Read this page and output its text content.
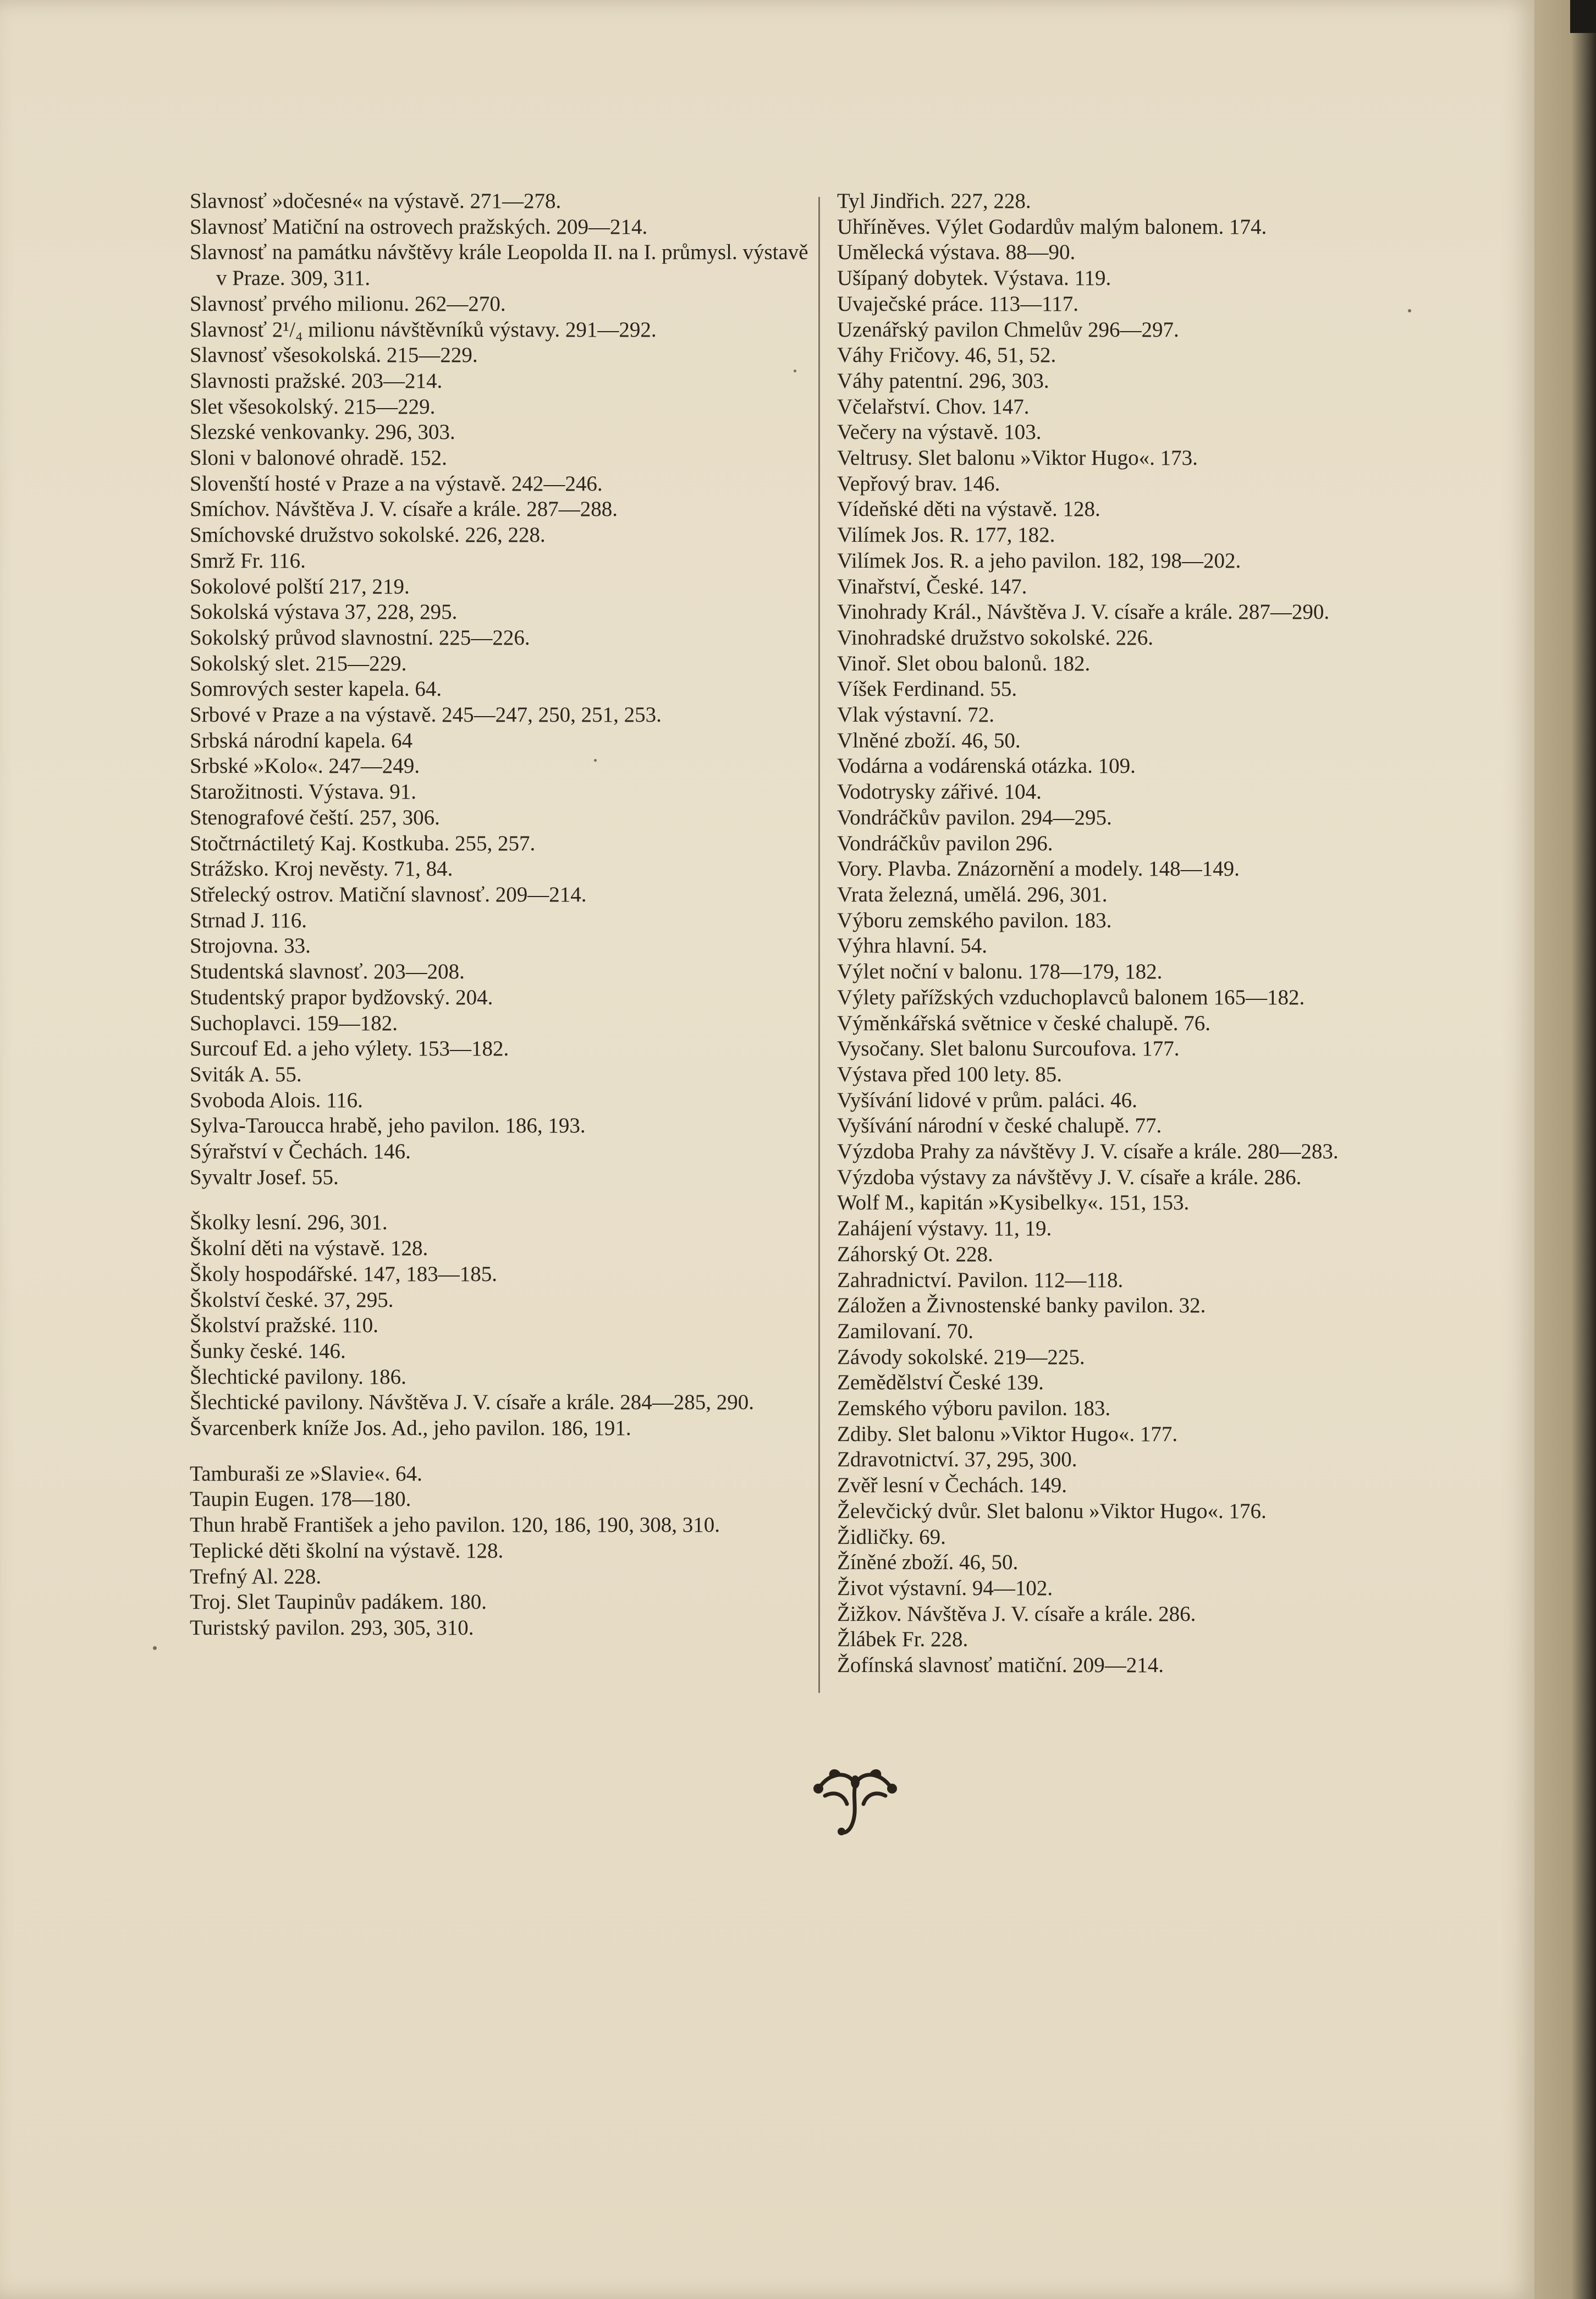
Slavnosť »dočesné« na výstavě. 271—278.
Slavnosť Matiční na ostrovech pražských. 209—214.
Slavnosť na památku návštěvy krále Leopolda II. na I. průmysl. výstavě v Praze. 309, 311.
Slavnosť prvého milionu. 262—270.
Slavnosť 2¹/₄ milionu návštěvníků výstavy. 291—292.
Slavnosť všesokolská. 215—229.
Slavnosti pražské. 203—214.
Slet všesokolský. 215—229.
Slezské venkovanky. 296, 303.
Sloni v balonové ohradě. 152.
Slovenští hosté v Praze a na výstavě. 242—246.
Smíchov. Návštěva J. V. císaře a krále. 287—288.
Smíchovské družstvo sokolské. 226, 228.
Smrž Fr. 116.
Sokolové polští 217, 219.
Sokolská výstava 37, 228, 295.
Sokolský průvod slavnostní. 225—226.
Sokolský slet. 215—229.
Somrových sester kapela. 64.
Srbové v Praze a na výstavě. 245—247, 250, 251, 253.
Srbská národní kapela. 64
Srbské »Kolo«. 247—249.
Starožitnosti. Výstava. 91.
Stenografové čeští. 257, 306.
Stočtrnáctiletý Kaj. Kostkuba. 255, 257.
Strážsko. Kroj nevěsty. 71, 84.
Střelecký ostrov. Matiční slavnosť. 209—214.
Strnad J. 116.
Strojovna. 33.
Studentská slavnosť. 203—208.
Studentský prapor bydžovský. 204.
Suchoplavci. 159—182.
Surcouf Ed. a jeho výlety. 153—182.
Sviták A. 55.
Svoboda Alois. 116.
Sylva-Taroucca hrabě, jeho pavilon. 186, 193.
Sýrařství v Čechách. 146.
Syvaltr Josef. 55.
Školky lesní. 296, 301.
Školní děti na výstavě. 128.
Školy hospodářské. 147, 183—185.
Školství české. 37, 295.
Školství pražské. 110.
Šunky české. 146.
Šlechtické pavilony. 186.
Šlechtické pavilony. Návštěva J. V. císaře a krále. 284—285, 290.
Švarcenberk kníže Jos. Ad., jeho pavilon. 186, 191.
Tamburaši ze »Slavie«. 64.
Taupin Eugen. 178—180.
Thun hrabě František a jeho pavilon. 120, 186, 190, 308, 310.
Teplické děti školní na výstavě. 128.
Trefný Al. 228.
Troj. Slet Taupinův padákem. 180.
Turistský pavilon. 293, 305, 310.
Tyl Jindřich. 227, 228.
Uhříněves. Výlet Godardův malým balonem. 174.
Umělecká výstava. 88—90.
Ušípaný dobytek. Výstava. 119.
Uvaječské práce. 113—117.
Uzenářský pavilon Chmelův 296—297.
Váhy Fričovy. 46, 51, 52.
Váhy patentní. 296, 303.
Včelařství. Chov. 147.
Večery na výstavě. 103.
Veltrusy. Slet balonu »Viktor Hugo«. 173.
Vepřový brav. 146.
Vídeňské děti na výstavě. 128.
Vilímek Jos. R. 177, 182.
Vilímek Jos. R. a jeho pavilon. 182, 198—202.
Vinařství, České. 147.
Vinohrady Král., Návštěva J. V. císaře a krále. 287—290.
Vinohradské družstvo sokolské. 226.
Vinoř. Slet obou balonů. 182.
Víšek Ferdinand. 55.
Vlak výstavní. 72.
Vlněné zboží. 46, 50.
Vodárna a vodárenská otázka. 109.
Vodotrysky zářivé. 104.
Vondráčkův pavilon. 294—295.
Vondráčkův pavilon 296.
Vory. Plavba. Znázornění a modely. 148—149.
Vrata železná, umělá. 296, 301.
Výboru zemského pavilon. 183.
Výhra hlavní. 54.
Výlet noční v balonu. 178—179, 182.
Výlety pařížských vzduchoplavců balonem 165—182.
Výměnkářská světnice v české chalupě. 76.
Vysočany. Slet balonu Surcoufova. 177.
Výstava před 100 lety. 85.
Vyšívání lidové v prům. paláci. 46.
Vyšívání národní v české chalupě. 77.
Výzdoba Prahy za návštěvy J. V. císaře a krále. 280—283.
Výzdoba výstavy za návštěvy J. V. císaře a krále. 286.
Wolf M., kapitán »Kysibelky«. 151, 153.
Zahájení výstavy. 11, 19.
Záhorský Ot. 228.
Zahradnictví. Pavilon. 112—118.
Záložen a Živnostenské banky pavilon. 32.
Zamilovaní. 70.
Závody sokolské. 219—225.
Zemědělství České 139.
Zemského výboru pavilon. 183.
Zdiby. Slet balonu »Viktor Hugo«. 177.
Zdravotnictví. 37, 295, 300.
Zvěř lesní v Čechách. 149.
Želevčický dvůr. Slet balonu »Viktor Hugo«. 176.
Židličky. 69.
Žíněné zboží. 46, 50.
Život výstavní. 94—102.
Žižkov. Návštěva J. V. císaře a krále. 286.
Žlábek Fr. 228.
Žofínská slavnosť matiční. 209—214.
